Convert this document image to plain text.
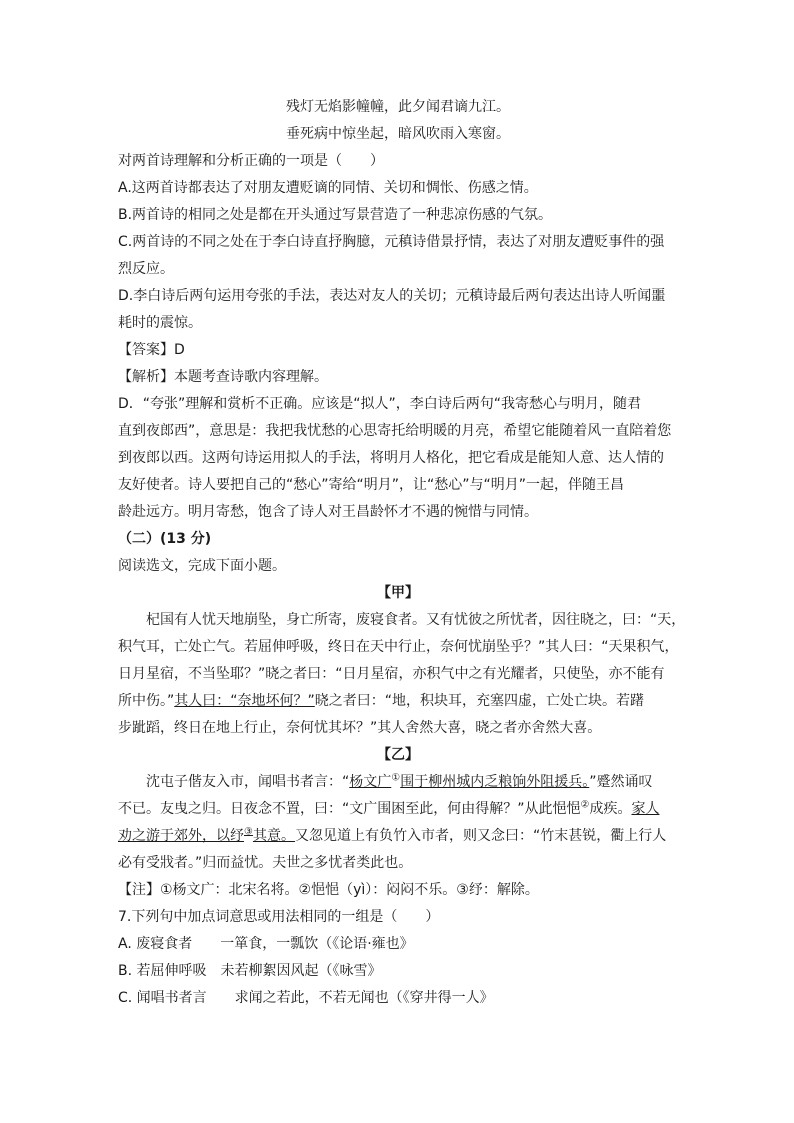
残灯无焰影幢幢，此夕闻君谪九江。
垂死病中惊坐起，暗风吹雨入寒窗。
对两首诗理解和分析正确的一项是（　　）
A.这两首诗都表达了对朋友遭贬谪的同情、关切和惆怅、伤感之情。
B.两首诗的相同之处是都在开头通过写景营造了一种悲凉伤感的气氛。
C.两首诗的不同之处在于李白诗直抒胸臆，元稹诗借景抒情，表达了对朋友遭贬事件的强
烈反应。
D.李白诗后两句运用夸张的手法，表达对友人的关切；元稹诗最后两句表达出诗人听闻噩
耗时的震惊。
【答案】D
【解析】本题考查诗歌内容理解。
D．“夸张”理解和赏析不正确。应该是“拟人”，李白诗后两句“我寄愁心与明月，随君
直到夜郎西”，意思是：我把我忧愁的心思寄托给明暖的月亮，希望它能随着风一直陪着您
到夜郎以西。这两句诗运用拟人的手法，将明月人格化，把它看成是能知人意、达人情的
友好使者。诗人要把自己的“愁心”寄给“明月”，让“愁心”与“明月”一起，伴随王昌
龄赴远方。明月寄愁，饱含了诗人对王昌龄怀才不遇的惋惜与同情。
（二）(13 分)
阅读选文，完成下面小题。
【甲】
杞国有人忧天地崩坠，身亡所寄，废寝食者。又有忧彼之所忧者，因往晓之，曰：“天，
积气耳，亡处亡气。若屈伸呼吸，终日在天中行止，奈何忧崩坠乎？”其人曰：“天果积气，
日月星宿，不当坠耶？”晓之者曰：“日月星宿，亦积气中之有光耀者，只使坠，亦不能有
所中伤。”其人曰：“奈地坏何？”晓之者曰：“地，积块耳，充塞四虚，亡处亡块。若躇
步跐蹈，终日在地上行止，奈何忧其坏？”其人舍然大喜，晓之者亦舍然大喜。
【乙】
沈屯子偕友入市，闻唱书者言：“杨文广①围于柳州城内乏粮饷外阻援兵。”蹙然诵叹
不已。友曳之归。日夜念不置，曰：“文广围困至此，何由得解？”从此悒悒②成疾。家人
劝之游于郊外，以纾③其意。又忽见道上有负竹入市者，则又念曰：“竹末甚锐，衢上行人
必有受戕者。”归而益忧。夫世之多忧者类此也。
【注】①杨文广：北宋名将。②悒悒（yì）：闷闷不乐。③纾：解除。
7.下列句中加点词意思或用法相同的一组是（　　）
A. 废寝食者　　一箪食，一瓢饮（《论语·雍也》
B. 若屈伸呼吸　未若柳絮因风起（《咏雪》
C. 闻唱书者言　　求闻之若此，不若无闻也（《穿井得一人》
